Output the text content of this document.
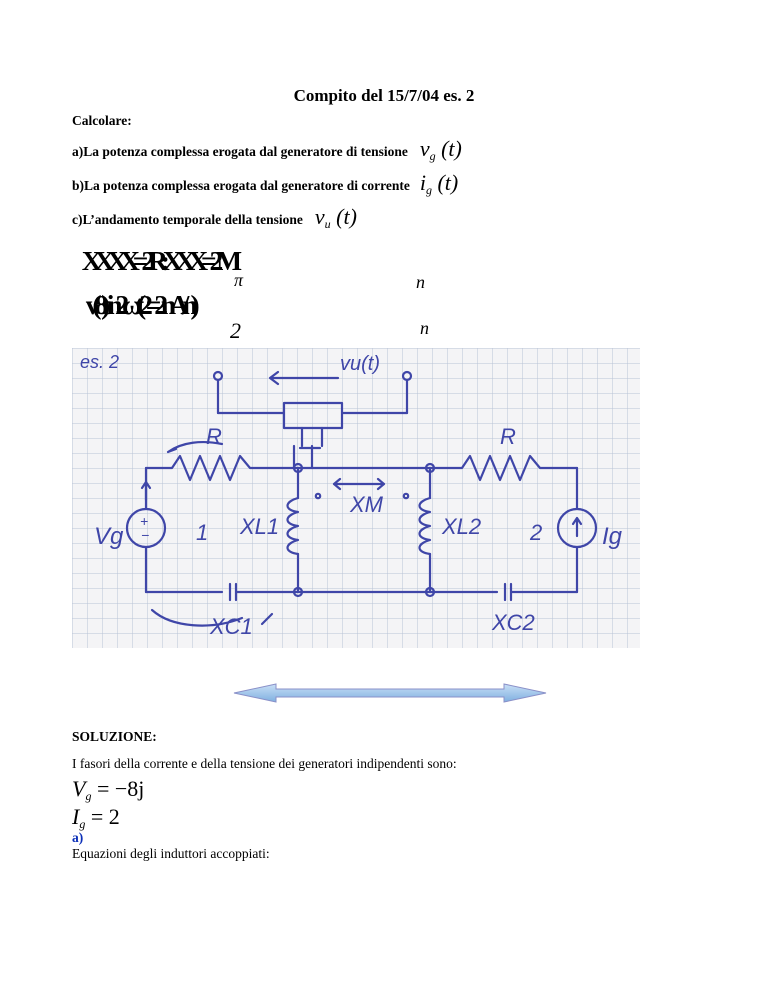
Compito del 15/7/04 es. 2
Calcolare:
a)La potenza complessa erogata dal generatore di tensione $v_g$ (t)
b)La potenza complessa erogata dal generatore di corrente $i_g$ (t)
c)L’andamento temporale della tensione $v_u$ (t)
XXXX=2R:XXX=2M
π	n
v(8)sin2ωt(2=2nA/n)
2	n
es. 2	vu(t)
R	R
Vg
+
− 1 XL1
XM
XL2 2 Ig
XC1	XC2
SOLUZIONE:
I fasori della corrente e della tensione dei generatori indipendenti sono:
$V_g = -8j$
$I_g = 2$
a)
Equazioni degli induttori accoppiati:
